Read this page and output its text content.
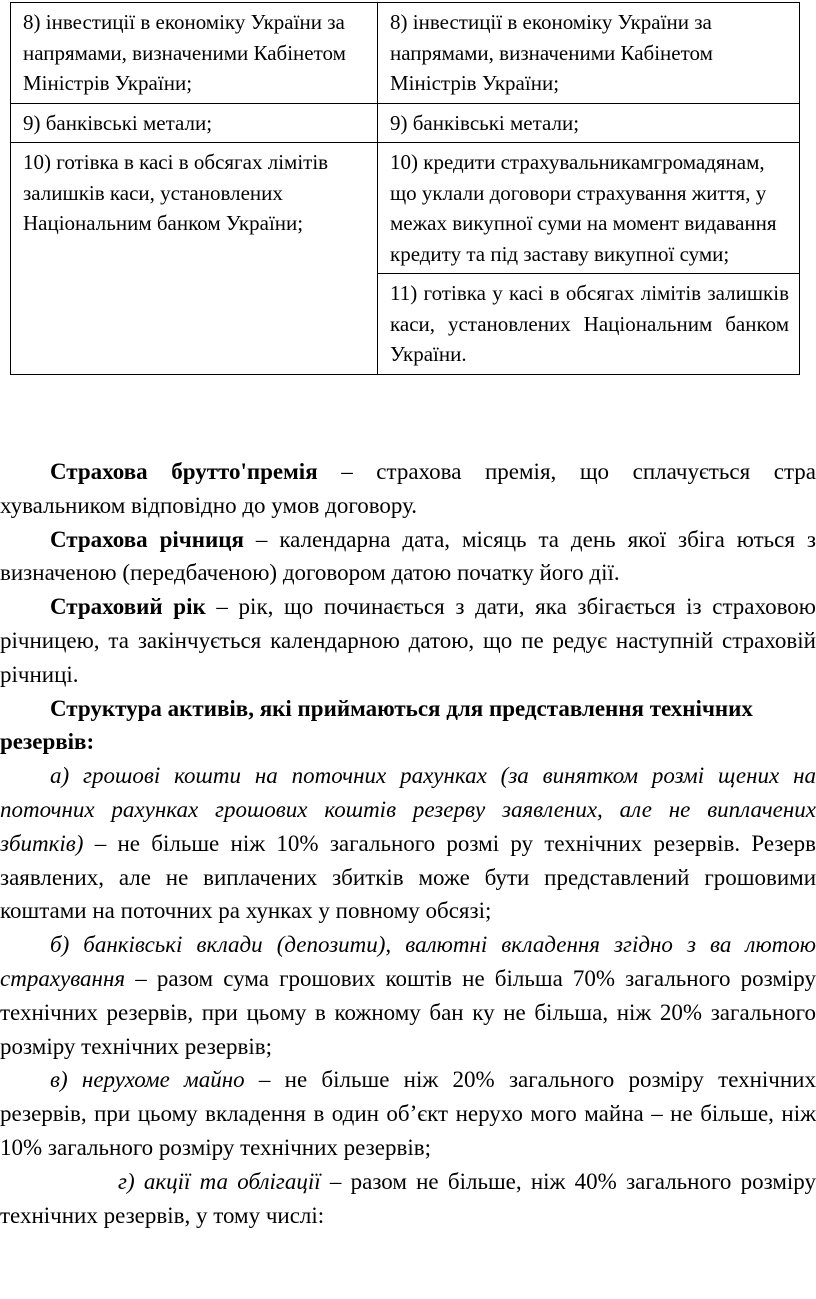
8) інвестиції в економіку України за напрямами, визначеними Кабінетом Міністрів України;	8) інвестиції в економіку України за напрямами, визначеними Кабінетом Міністрів України;
9) банківські метали;	9) банківські метали;
10) готівка в касі в обсягах лімітів залишків каси, установлених Національним банком України;	10) кредити страхувальникамгромадянам, що уклали договори страхування життя, у межах викупної суми на момент видавання кредиту та під заставу викупної суми;
	11) готівка у касі в обсягах лімітів залишків каси, установлених Національним банком України.

Страхова брутто'премія – страхова премія, що сплачується стра хувальником відповідно до умов договору.

Страхова річниця – календарна дата, місяць та день якої збіга ються з визначеною (передбаченою) договором датою початку його дії.

Страховий рік – рік, що починається з дати, яка збігається із страховою річницею, та закінчується календарною датою, що пе редує наступній страховій річниці.

Структура активів, які приймаються для представлення технічних резервів:

а) грошові кошти на поточних рахунках (за винятком розмі щених на поточних рахунках грошових коштів резерву заявлених, але не виплачених збитків) – не більше ніж 10% загального розмі ру технічних резервів. Резерв заявлених, але не виплачених збитків може бути представлений грошовими коштами на поточних ра хунках у повному обсязі;

б) банківські вклади (депозити), валютні вкладення згідно з ва лютою страхування – разом сума грошових коштів не більша 70% загального розміру технічних резервів, при цьому в кожному бан ку не більша, ніж 20% загального розміру технічних резервів;

в) нерухоме майно – не більше ніж 20% загального розміру технічних резервів, при цьому вкладення в один об’єкт нерухо мого майна – не більше, ніж 10% загального розміру технічних резервів;

г) акції та облігації – разом не більше, ніж 40% загального розміру технічних резервів, у тому числі:
